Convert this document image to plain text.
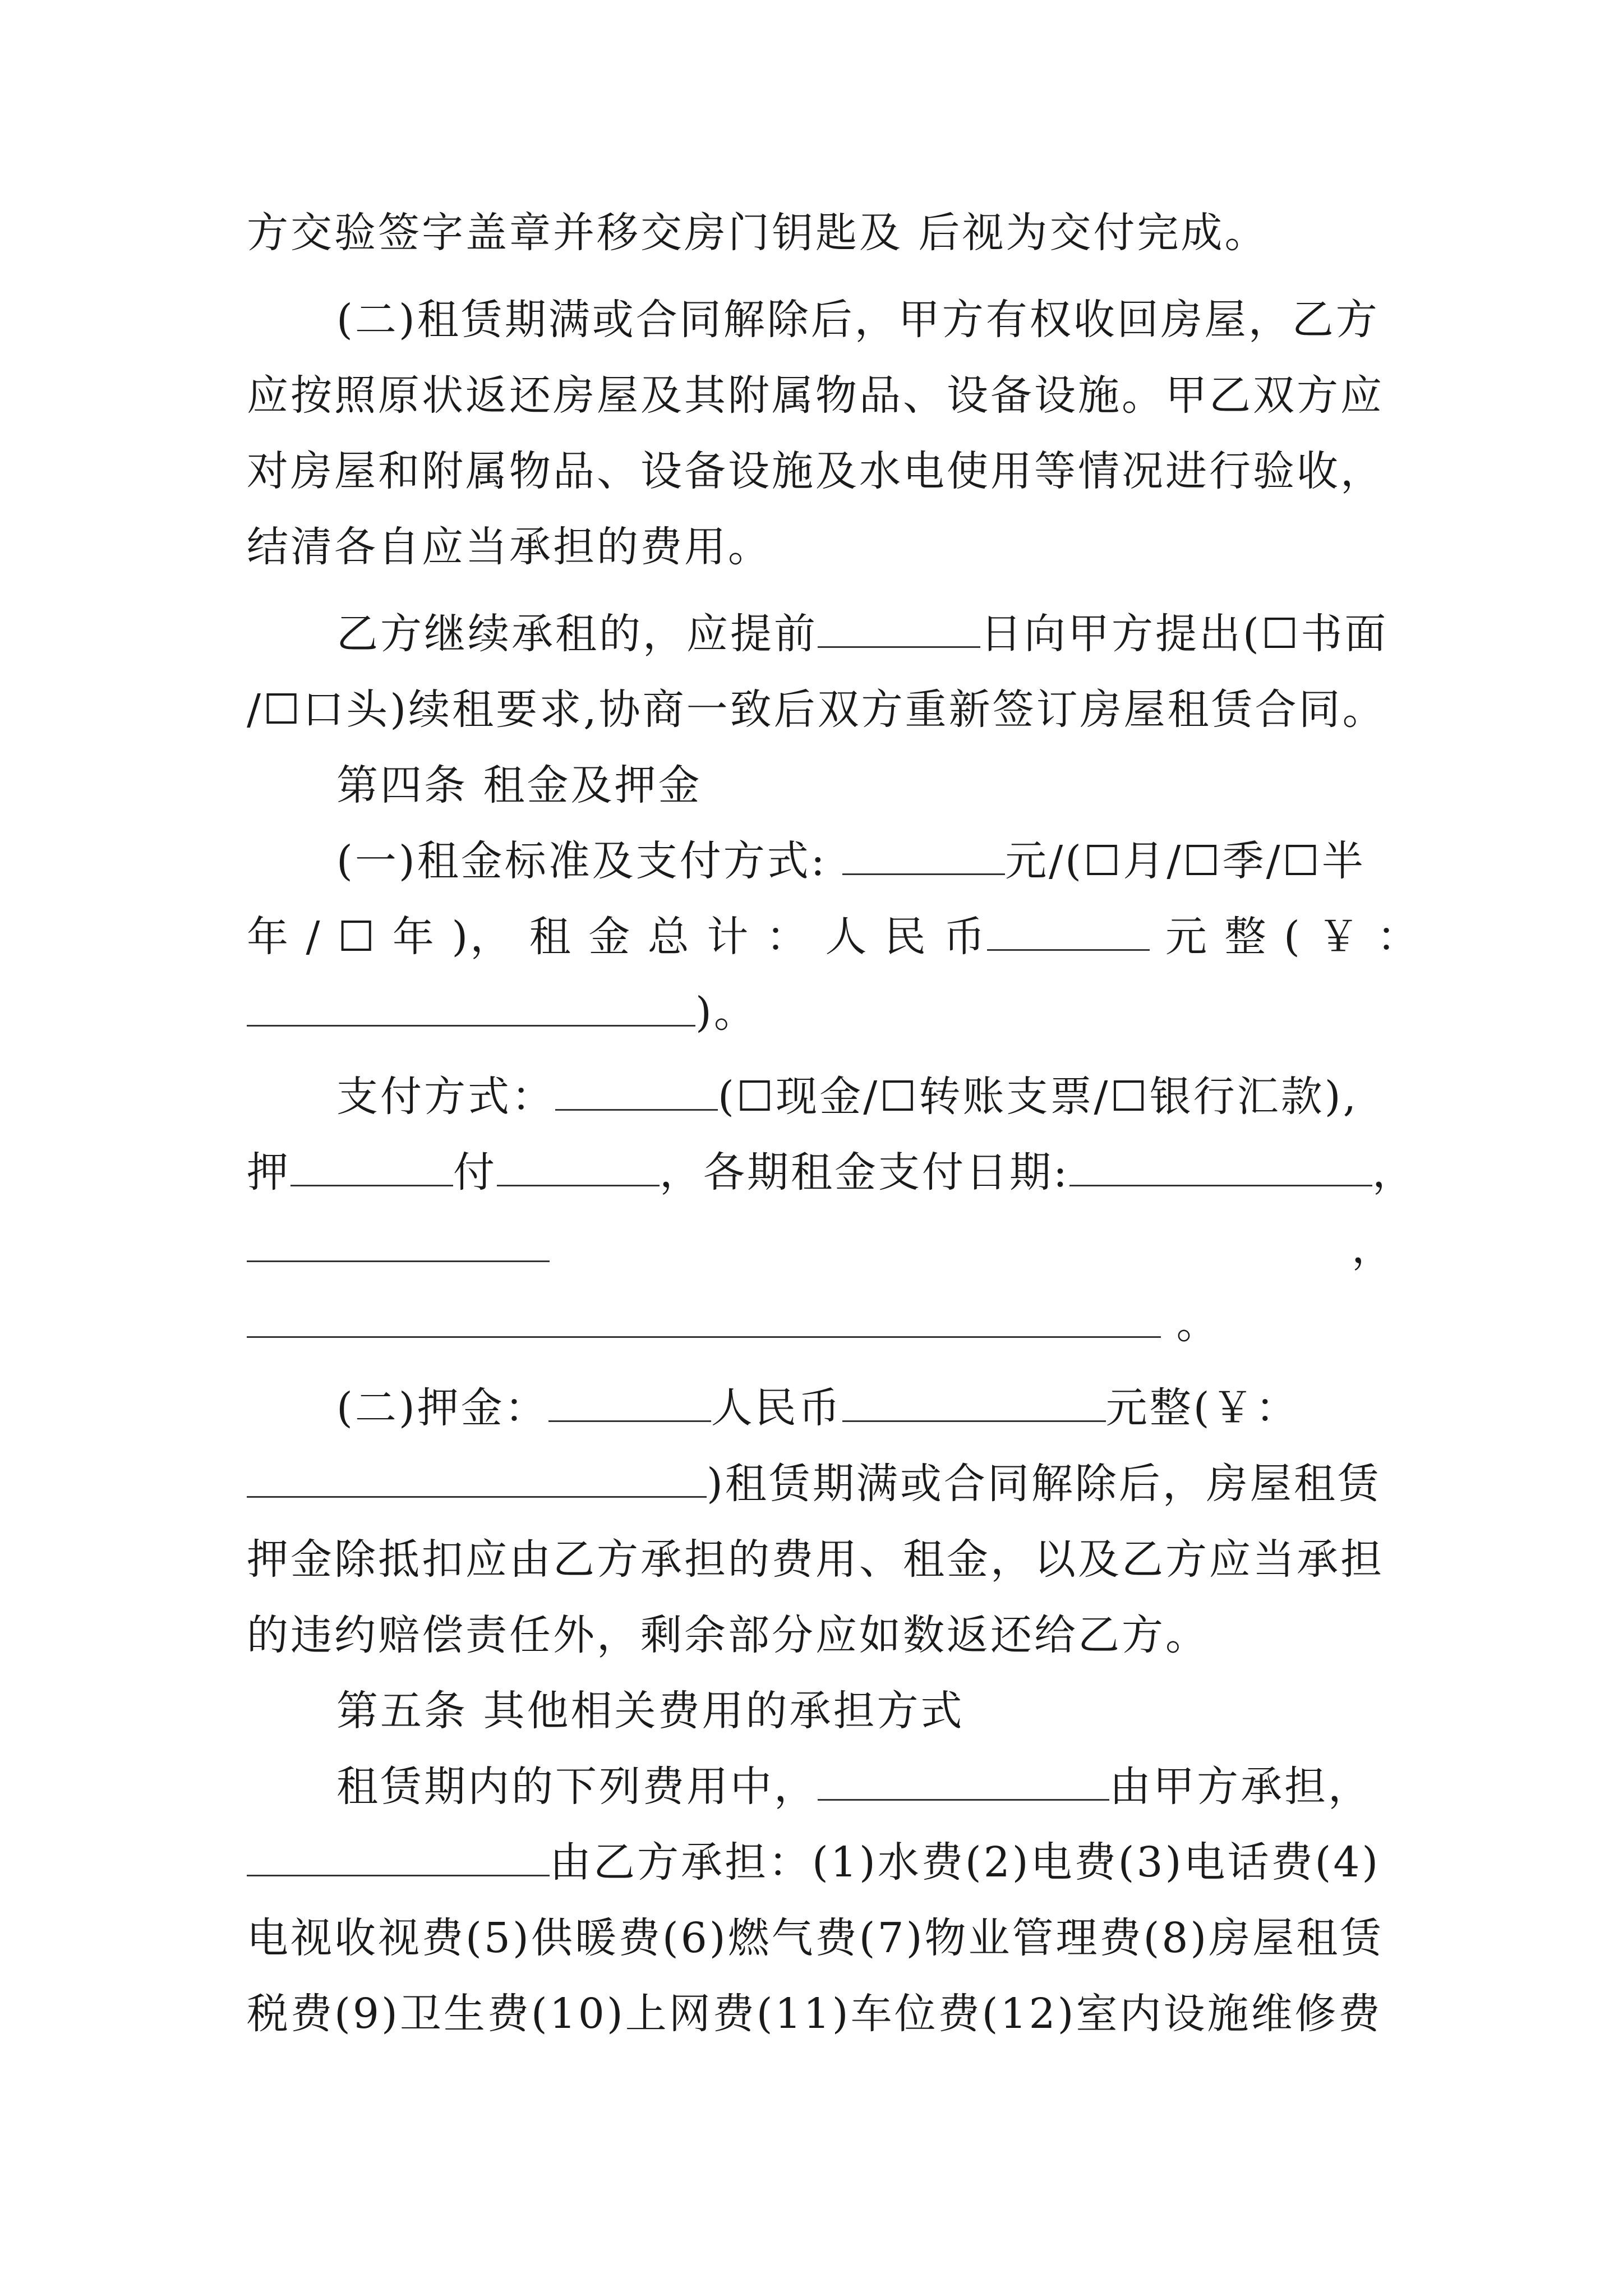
方交验签字盖章并移交房门钥匙及 后视为交付完成。
(二)租赁期满或合同解除后，甲方有权收回房屋，乙方
应按照原状返还房屋及其附属物品、设备设施。甲乙双方应
对房屋和附属物品、设备设施及水电使用等情况进行验收，
结清各自应当承担的费用。
乙方继续承租的，应提前	日向甲方提出(☐书面
/☐口头)续租要求,协商一致后双方重新签订房屋租赁合同。
第四条 租金及押金
(一)租金标准及支付方式:	元/(☐月/☐季/☐半
年 / ☐ 年 )， 租 金 总 计 ： 人 民 币	元 整 ( ￥ ：
)。
支付方式：	(☐现金/☐转账支票/☐银行汇款),
押	付	，各期租金支付日期:	，
，
。
(二)押金：	人民币	元整(￥：
)租赁期满或合同解除后，房屋租赁
押金除抵扣应由乙方承担的费用、租金，以及乙方应当承担
的违约赔偿责任外，剩余部分应如数返还给乙方。
第五条 其他相关费用的承担方式
租赁期内的下列费用中，	由甲方承担，
由乙方承担：(1)水费(2)电费(3)电话费(4)
电视收视费(5)供暖费(6)燃气费(7)物业管理费(8)房屋租赁
税费(9)卫生费(10)上网费(11)车位费(12)室内设施维修费
